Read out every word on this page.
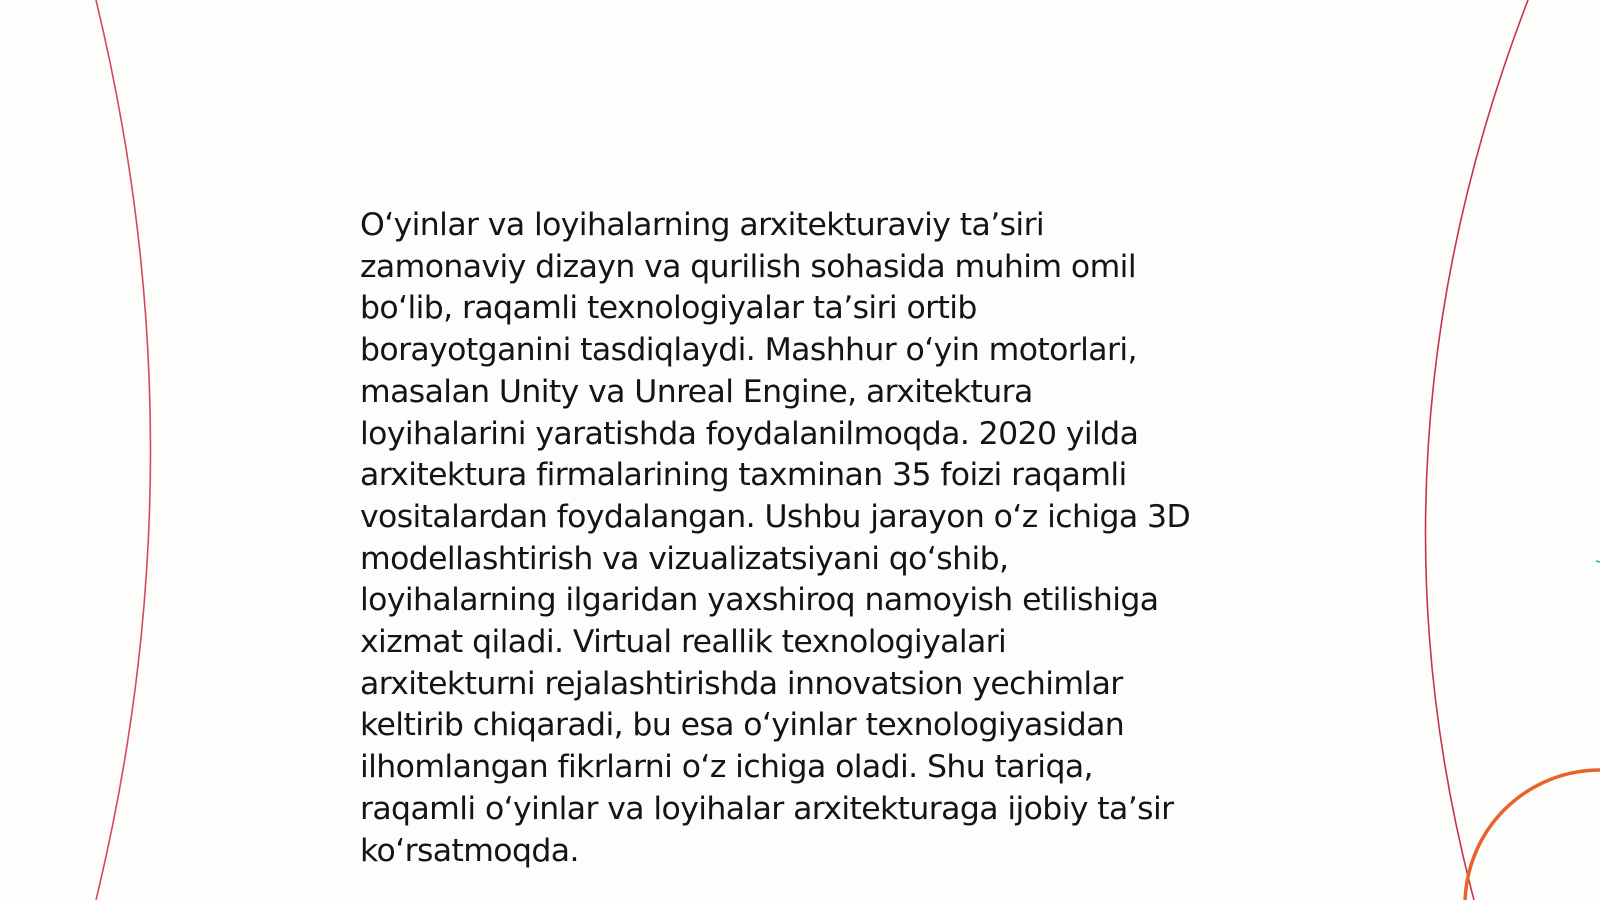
O‘yinlar va loyihalarning arxitekturaviy ta’siri
zamonaviy dizayn va qurilish sohasida muhim omil
bo‘lib, raqamli texnologiyalar ta’siri ortib
borayotganini tasdiqlaydi. Mashhur o‘yin motorlari,
masalan Unity va Unreal Engine, arxitektura
loyihalarini yaratishda foydalanilmoqda. 2020 yilda
arxitektura firmalarining taxminan 35 foizi raqamli
vositalardan foydalangan. Ushbu jarayon o‘z ichiga 3D
modellashtirish va vizualizatsiyani qo‘shib,
loyihalarning ilgaridan yaxshiroq namoyish etilishiga
xizmat qiladi. Virtual reallik texnologiyalari
arxitekturni rejalashtirishda innovatsion yechimlar
keltirib chiqaradi, bu esa o‘yinlar texnologiyasidan
ilhomlangan fikrlarni o‘z ichiga oladi. Shu tariqa,
raqamli o‘yinlar va loyihalar arxitekturaga ijobiy ta’sir
ko‘rsatmoqda.
